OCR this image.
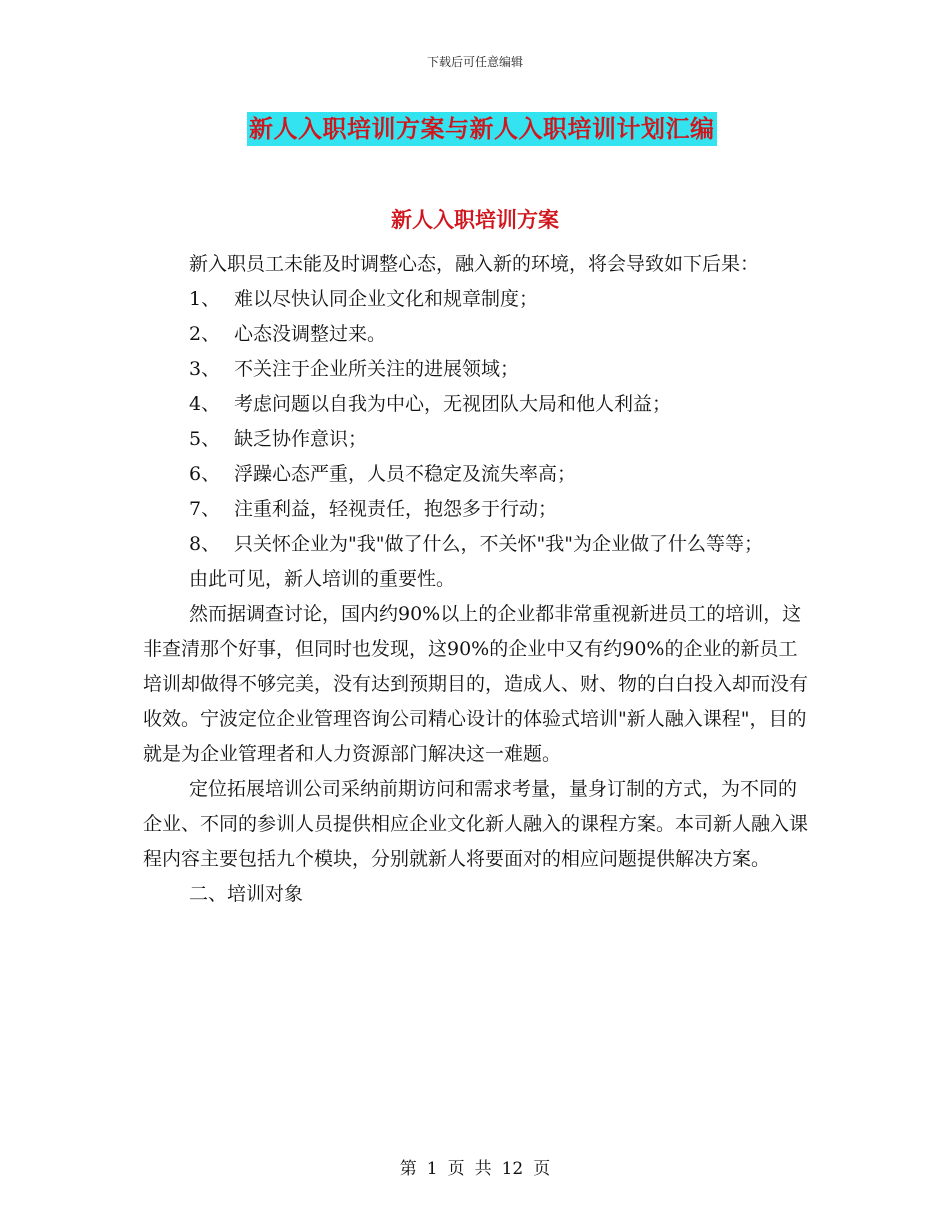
下载后可任意编辑
新人入职培训方案与新人入职培训计划汇编
新人入职培训方案

新入职员工未能及时调整心态，融入新的环境，将会导致如下后果：

1、 难以尽快认同企业文化和规章制度；

2、 心态没调整过来。

3、 不关注于企业所关注的进展领域；

4、 考虑问题以自我为中心，无视团队大局和他人利益；

5、 缺乏协作意识；

6、 浮躁心态严重，人员不稳定及流失率高；

7、 注重利益，轻视责任，抱怨多于行动；

8、 只关怀企业为"我"做了什么，不关怀"我"为企业做了什么等等；

由此可见，新人培训的重要性。

然而据调查讨论，国内约90%以上的企业都非常重视新进员工的培训，这非查清那个好事，但同时也发现，这90%的企业中又有约90%的企业的新员工培训却做得不够完美，没有达到预期目的，造成人、财、物的白白投入却而没有收效。宁波定位企业管理咨询公司精心设计的体验式培训"新人融入课程"，目的就是为企业管理者和人力资源部门解决这一难题。

定位拓展培训公司采纳前期访问和需求考量，量身订制的方式，为不同的企业、不同的参训人员提供相应企业文化新人融入的课程方案。本司新人融入课程内容主要包括九个模块，分别就新人将要面对的相应问题提供解决方案。

二、培训对象

第 1 页 共 12 页
